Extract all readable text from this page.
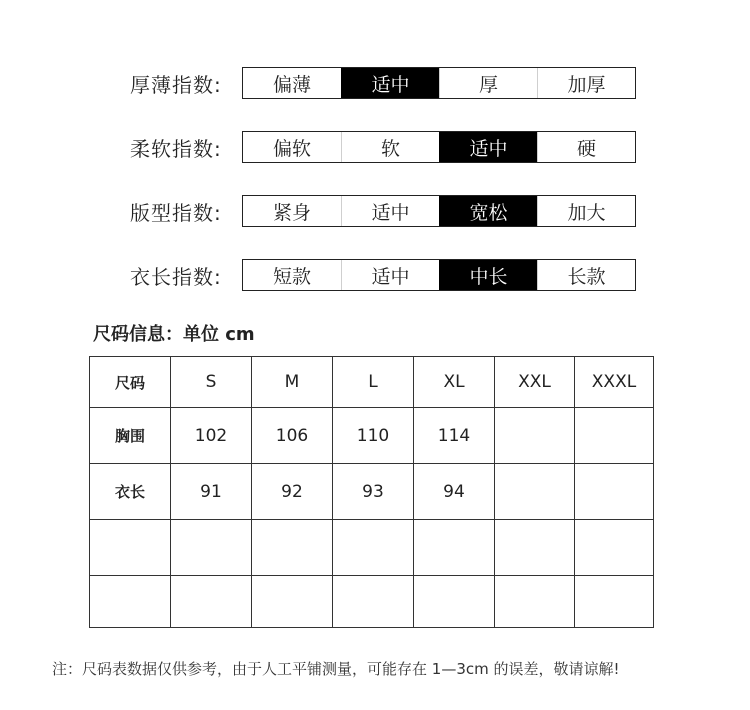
厚薄指数:	偏薄	适中	厚	加厚
柔软指数:	偏软	软	适中	硬
版型指数:	紧身	适中	宽松	加大
衣长指数:	短款	适中	中长	长款
尺码信息：单位 cm
尺码	S	M	L	XL	XXL	XXXL
胸围	102	106	110	114		
衣长	91	92	93	94		

注：尺码表数据仅供参考，由于人工平铺测量，可能存在 1—3cm 的误差，敬请谅解!
